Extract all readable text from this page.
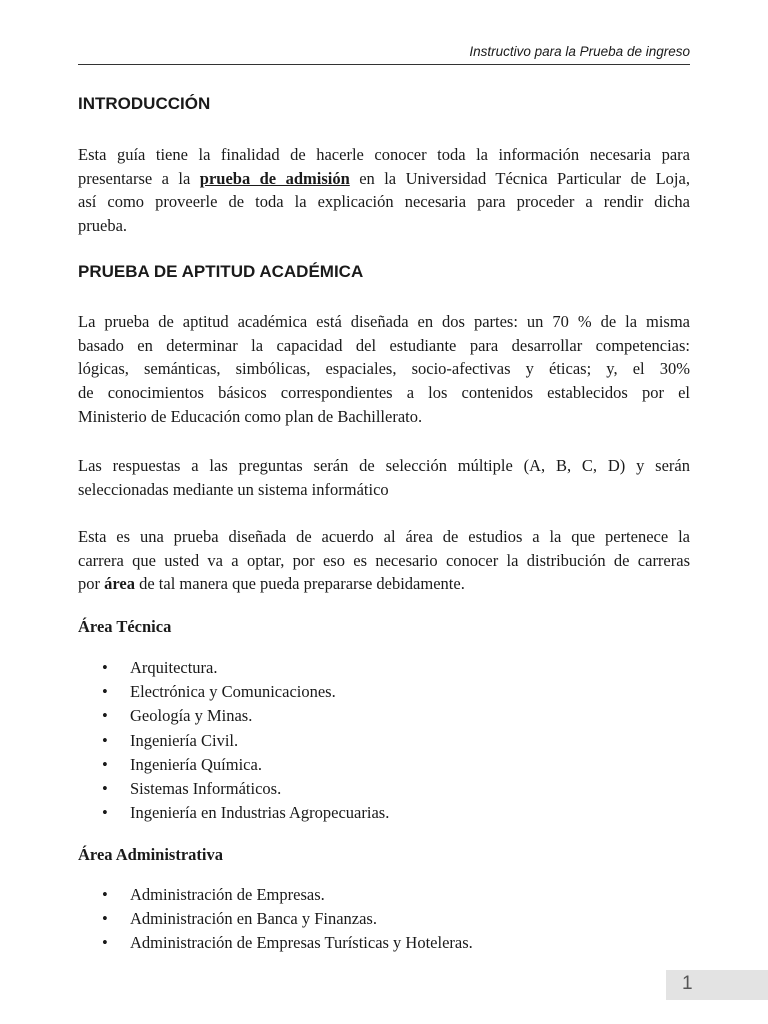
Instructivo para la Prueba de ingreso
INTRODUCCIÓN
Esta guía tiene la finalidad de hacerle conocer toda la información necesaria para
presentarse a la prueba de admisión en la Universidad Técnica Particular de Loja,
así como proveerle de toda la explicación necesaria para proceder a rendir dicha
prueba.
PRUEBA DE APTITUD ACADÉMICA
La prueba de aptitud académica está diseñada en dos partes: un 70 % de la misma
basado en determinar la capacidad del estudiante para desarrollar competencias:
lógicas, semánticas, simbólicas, espaciales, socio-afectivas y éticas; y, el 30%
de conocimientos básicos correspondientes a los contenidos establecidos por el
Ministerio de Educación como plan de Bachillerato.
Las respuestas a las preguntas serán de selección múltiple (A, B, C, D) y serán
seleccionadas mediante un sistema informático
Esta es una prueba diseñada de acuerdo al área de estudios a la que pertenece la
carrera que usted va a optar, por eso es necesario conocer la distribución de carreras
por área de tal manera que pueda prepararse debidamente.
Área Técnica
• Arquitectura.
• Electrónica y Comunicaciones.
• Geología y Minas.
• Ingeniería Civil.
• Ingeniería Química.
• Sistemas Informáticos.
• Ingeniería en Industrias Agropecuarias.
Área Administrativa
• Administración de Empresas.
• Administración en Banca y Finanzas.
• Administración de Empresas Turísticas y Hoteleras.
1
